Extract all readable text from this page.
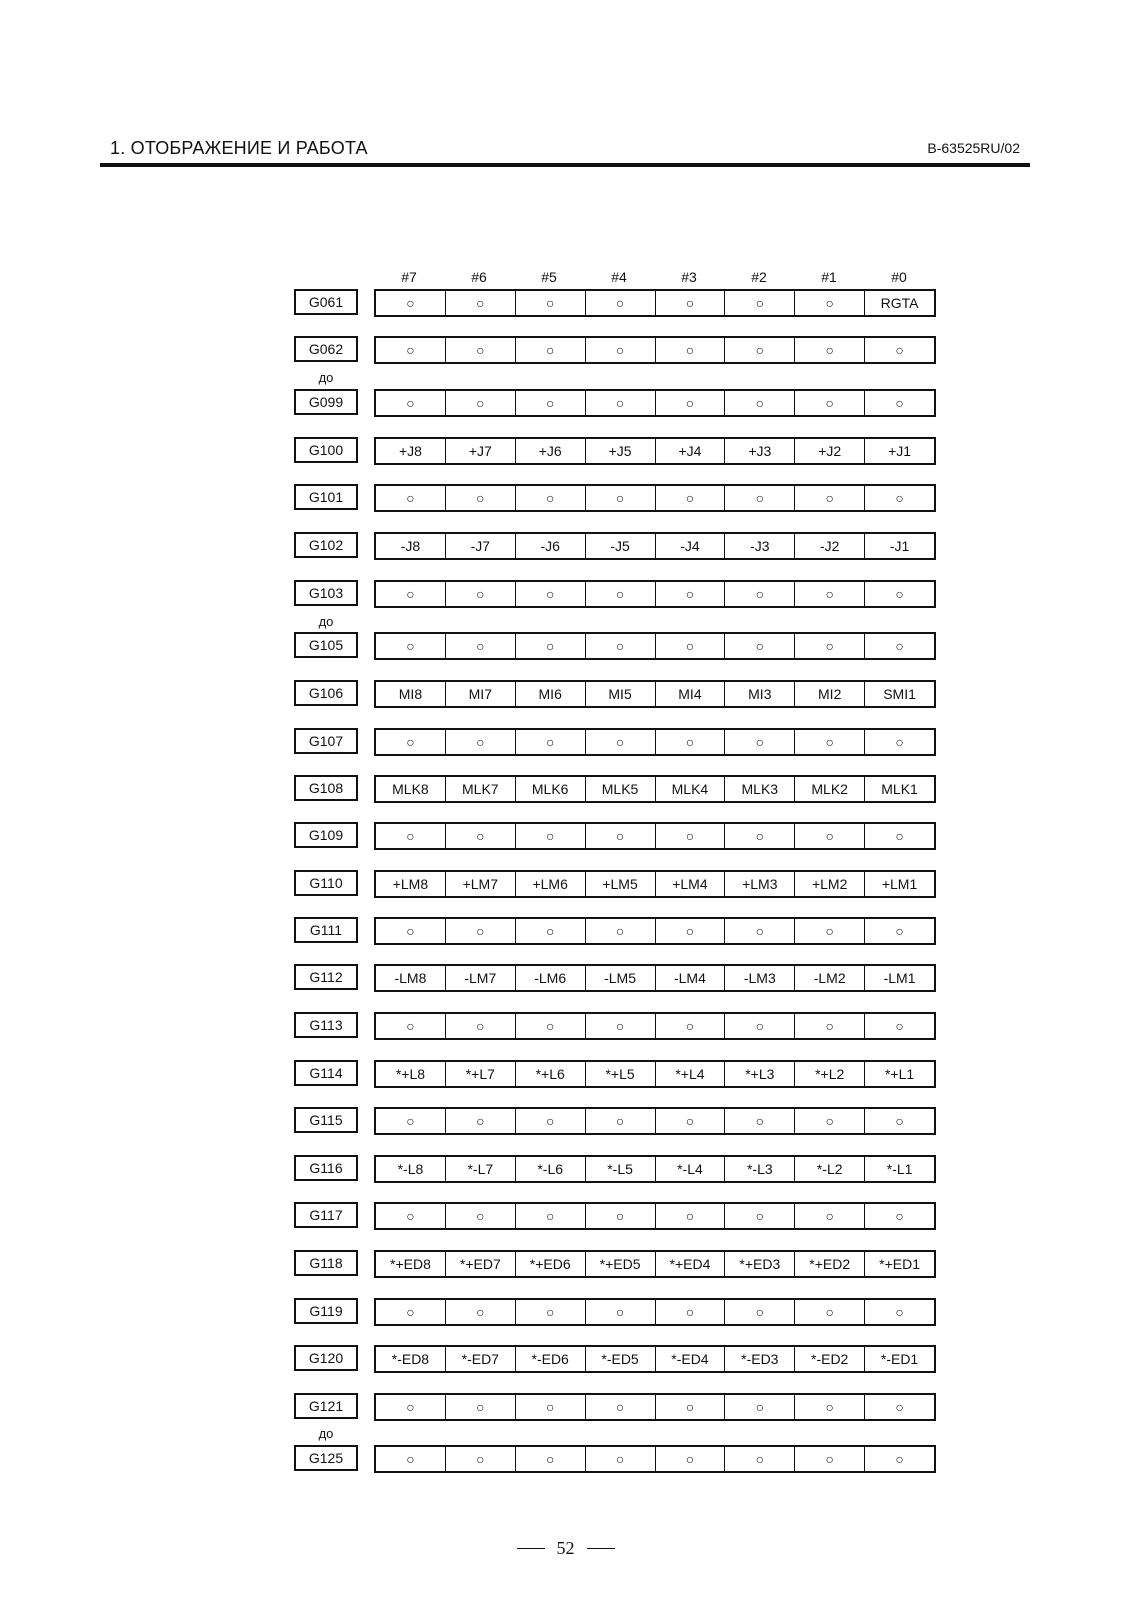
1. ОТОБРАЖЕНИЕ И РАБОТА	B-63525RU/02
#7	#6	#5	#4	#3	#2	#1	#0
G061	○	○	○	○	○	○	○	RGTA
G062	○	○	○	○	○	○	○	○
G099	○	○	○	○	○	○	○	○
G100	+J8	+J7	+J6	+J5	+J4	+J3	+J2	+J1
G101	○	○	○	○	○	○	○	○
G102	-J8	-J7	-J6	-J5	-J4	-J3	-J2	-J1
G103	○	○	○	○	○	○	○	○
G105	○	○	○	○	○	○	○	○
G106	MI8	MI7	MI6	MI5	MI4	MI3	MI2	SMI1
G107	○	○	○	○	○	○	○	○
G108	MLK8	MLK7	MLK6	MLK5	MLK4	MLK3	MLK2	MLK1
G109	○	○	○	○	○	○	○	○
G110	+LM8	+LM7	+LM6	+LM5	+LM4	+LM3	+LM2	+LM1
G111	○	○	○	○	○	○	○	○
G112	-LM8	-LM7	-LM6	-LM5	-LM4	-LM3	-LM2	-LM1
G113	○	○	○	○	○	○	○	○
G114	*+L8	*+L7	*+L6	*+L5	*+L4	*+L3	*+L2	*+L1
G115	○	○	○	○	○	○	○	○
G116	*-L8	*-L7	*-L6	*-L5	*-L4	*-L3	*-L2	*-L1
G117	○	○	○	○	○	○	○	○
G118	*+ED8	*+ED7	*+ED6	*+ED5	*+ED4	*+ED3	*+ED2	*+ED1
G119	○	○	○	○	○	○	○	○
G120	*-ED8	*-ED7	*-ED6	*-ED5	*-ED4	*-ED3	*-ED2	*-ED1
G121	○	○	○	○	○	○	○	○
G125	○	○	○	○	○	○	○	○
до
до
до
52
